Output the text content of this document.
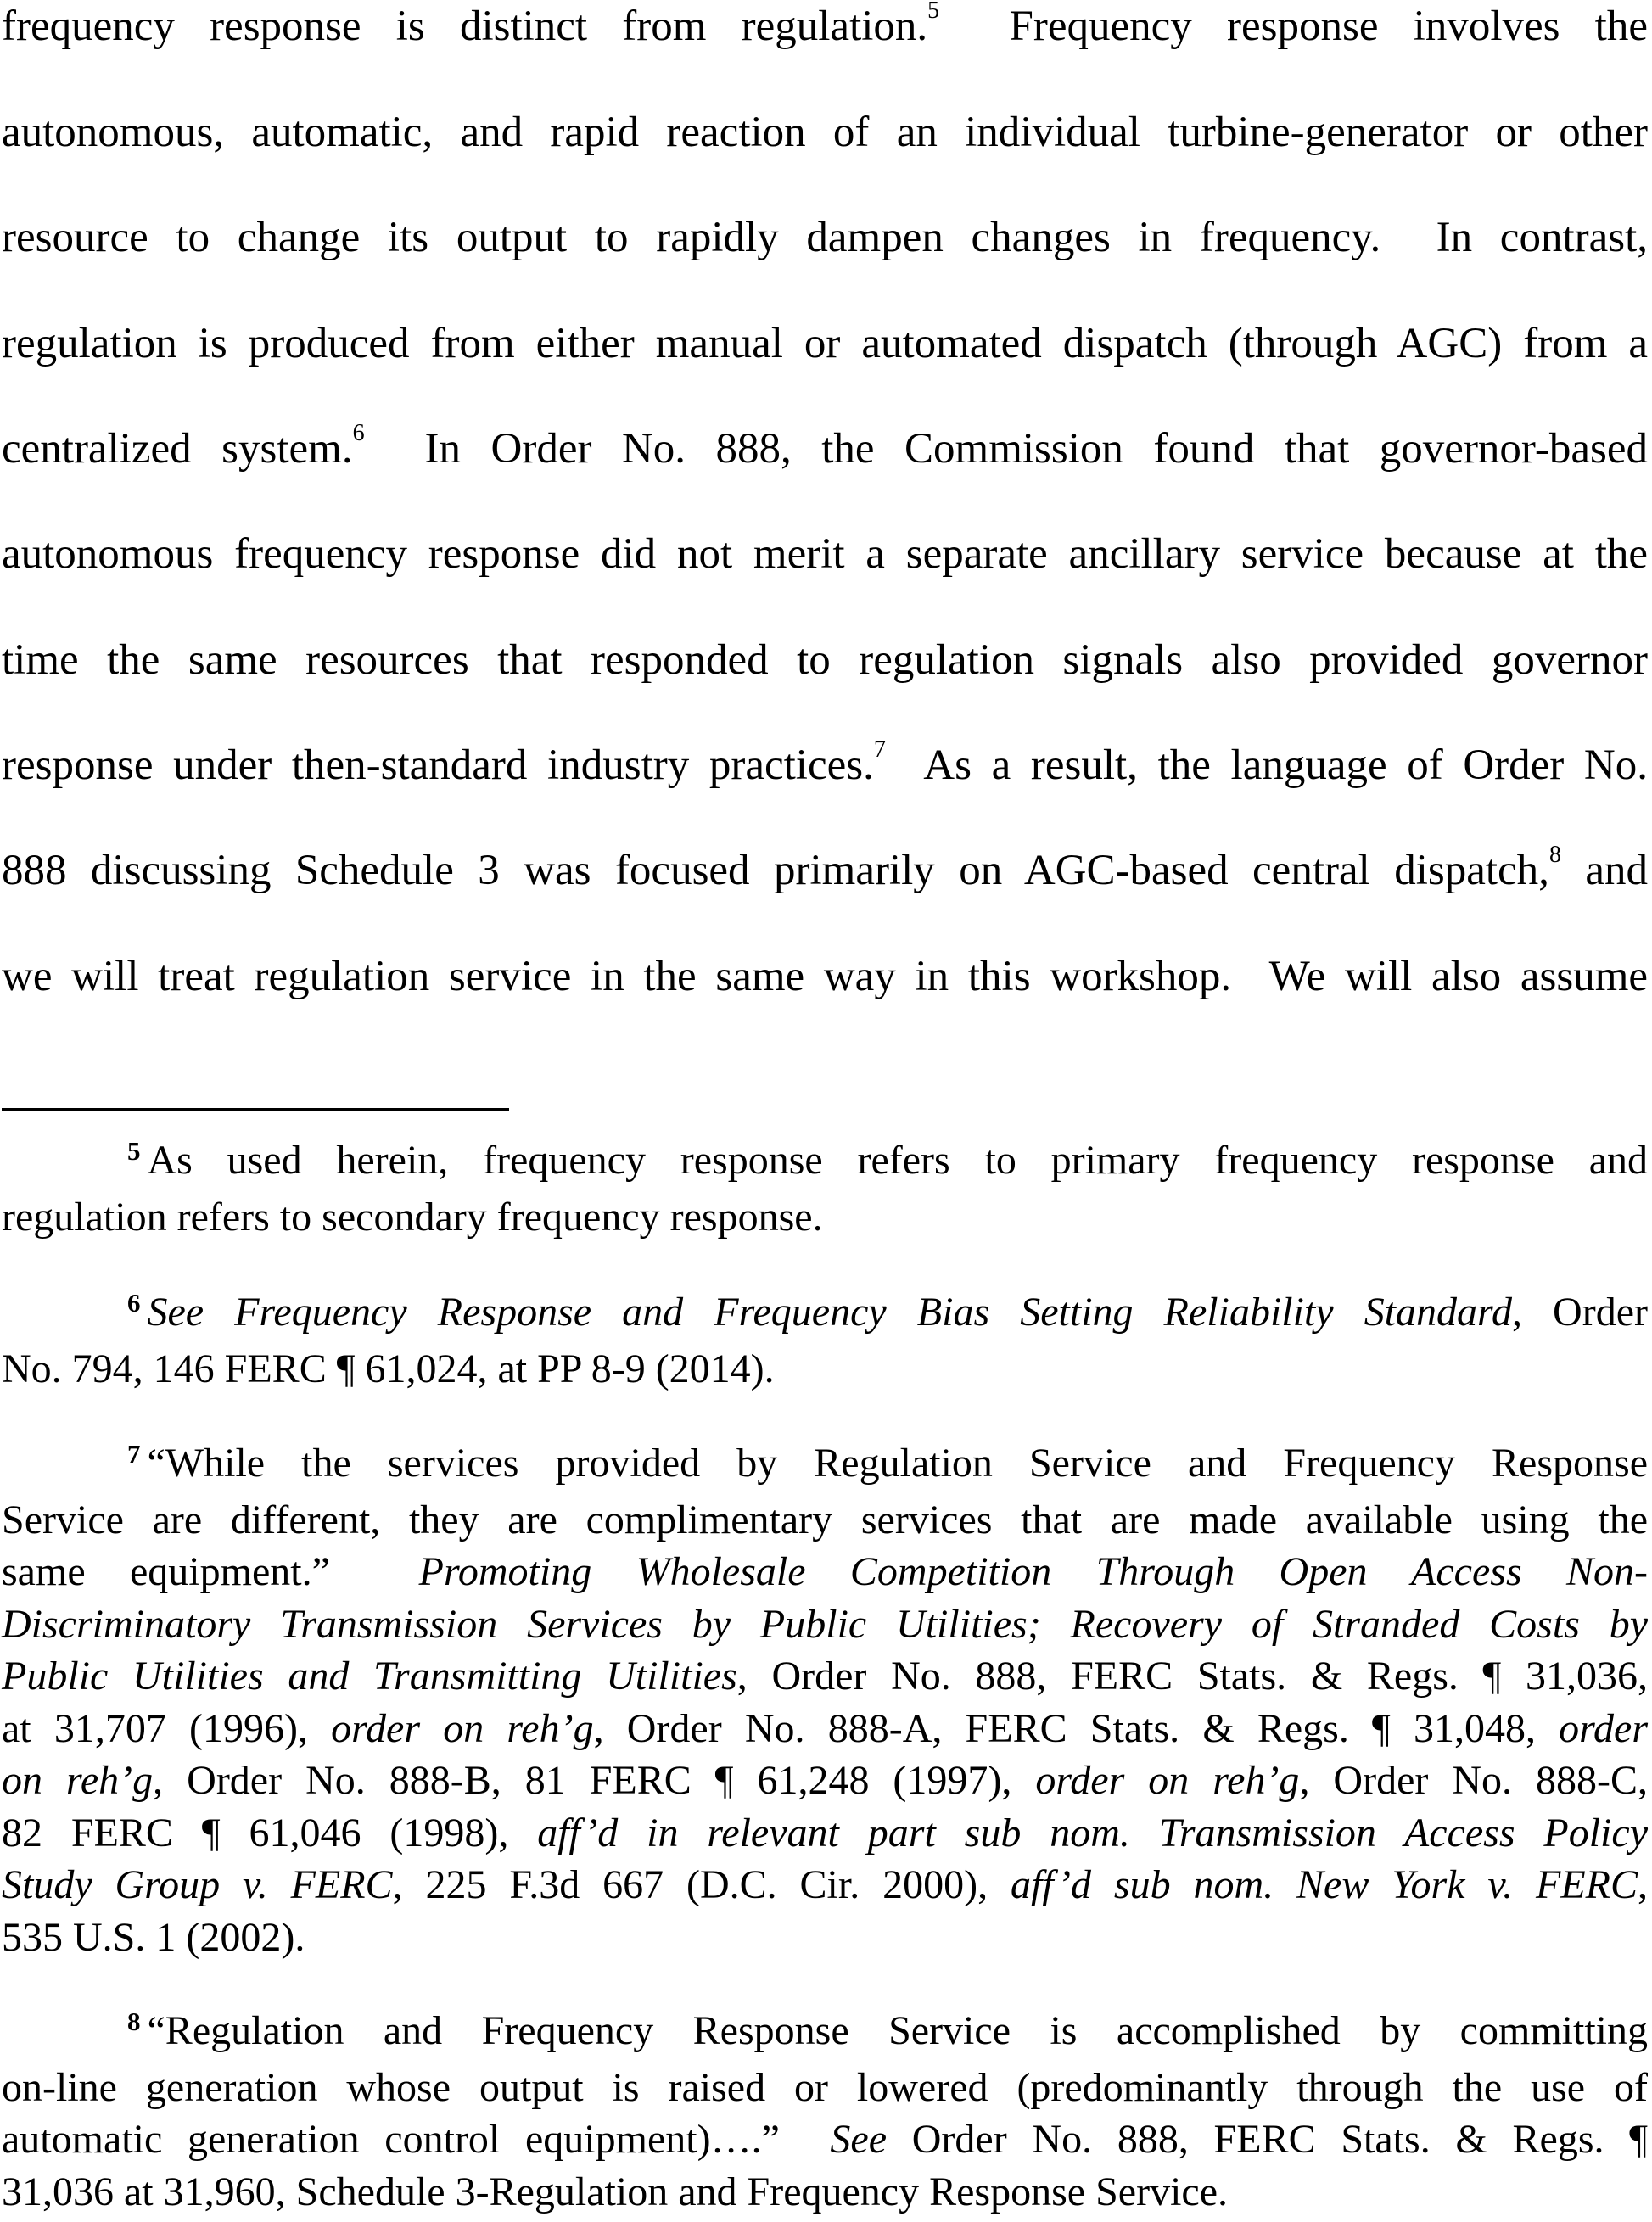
frequency response is distinct from regulation.$^5$  Frequency response involves the
autonomous, automatic, and rapid reaction of an individual turbine-generator or other
resource to change its output to rapidly dampen changes in frequency.  In contrast,
regulation is produced from either manual or automated dispatch (through AGC) from a
centralized system.$^6$  In Order No. 888, the Commission found that governor-based
autonomous frequency response did not merit a separate ancillary service because at the
time the same resources that responded to regulation signals also provided governor
response under then-standard industry practices.$^7$  As a result, the language of Order No.
888 discussing Schedule 3 was focused primarily on AGC-based central dispatch,$^8$ and
we will treat regulation service in the same way in this workshop.  We will also assume
$^5$ As used herein, frequency response refers to primary frequency response and
regulation refers to secondary frequency response.
$^6$ See Frequency Response and Frequency Bias Setting Reliability Standard, Order
No. 794, 146 FERC ¶ 61,024, at PP 8-9 (2014).
$^7$ “While the services provided by Regulation Service and Frequency Response
Service are different, they are complimentary services that are made available using the
same equipment.”  Promoting Wholesale Competition Through Open Access Non-
Discriminatory Transmission Services by Public Utilities; Recovery of Stranded Costs by
Public Utilities and Transmitting Utilities, Order No. 888, FERC Stats. & Regs. ¶ 31,036,
at 31,707 (1996), order on reh’g, Order No. 888-A, FERC Stats. & Regs. ¶ 31,048, order
on reh’g, Order No. 888-B, 81 FERC ¶ 61,248 (1997), order on reh’g, Order No. 888-C,
82 FERC ¶ 61,046 (1998), aff’d in relevant part sub nom. Transmission Access Policy
Study Group v. FERC, 225 F.3d 667 (D.C. Cir. 2000), aff’d sub nom. New York v. FERC,
535 U.S. 1 (2002).
$^8$ “Regulation and Frequency Response Service is accomplished by committing
on-line generation whose output is raised or lowered (predominantly through the use of
automatic generation control equipment)….”  See Order No. 888, FERC Stats. & Regs. ¶
31,036 at 31,960, Schedule 3-Regulation and Frequency Response Service.
